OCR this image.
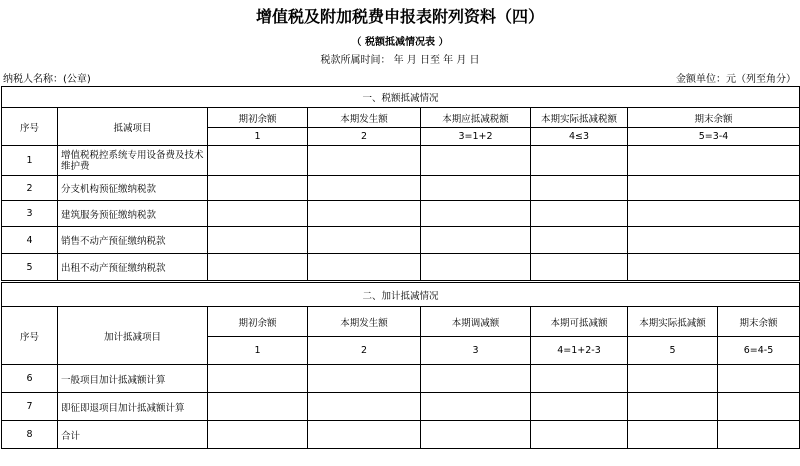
增值税及附加税费申报表附列资料（四）
（ 税额抵减情况表 ）
税款所属时间： 年 月 日至 年 月 日
纳税人名称：(公章)	金额单位：元（列至角分）
一、税额抵减情况						
序号	抵减项目	期初余额	本期发生额	本期应抵减税额	本期实际抵减税额	期末余额
		1	2	3=1+2	4≤3	5=3-4
1	增值税税控系统专用设备费及技术维护费					
2	分支机构预征缴纳税款					
3	建筑服务预征缴纳税款					
4	销售不动产预征缴纳税款					
5	出租不动产预征缴纳税款					
二、加计抵减情况							
序号	加计抵减项目	期初余额	本期发生额	本期调减额	本期可抵减额	本期实际抵减额	期末余额
		1	2	3	4=1+2-3	5	6=4-5
6	一般项目加计抵减额计算						
7	即征即退项目加计抵减额计算						
8	合计						
